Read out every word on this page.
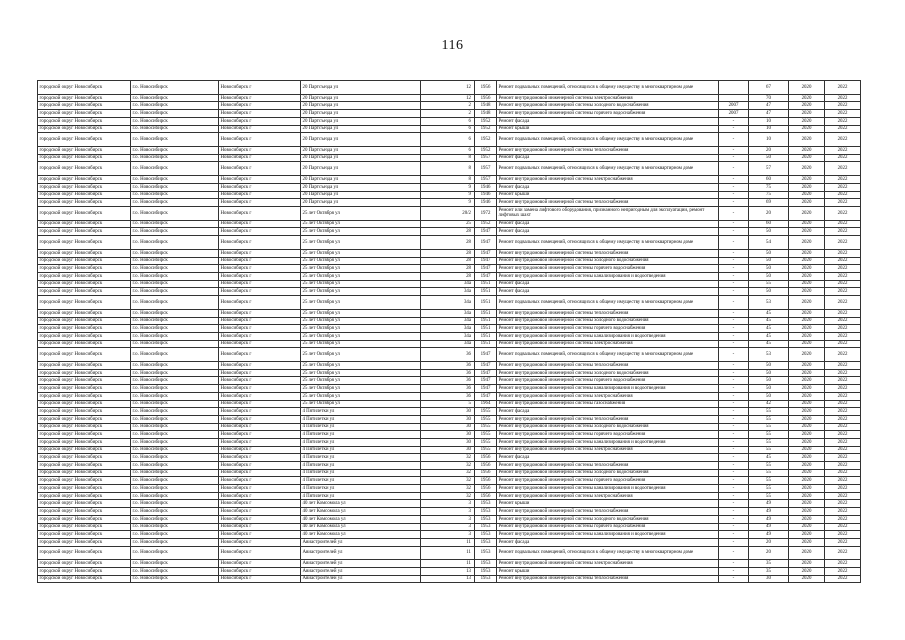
116
городской округ Новосибирск	г.о. Новосибирск	Новосибирск г	20 Партсъезда ул	12	1956	Ремонт подвальных помещений, относящихся к общему имуществу в многоквартирном доме		67	2020	2022
городской округ Новосибирск	г.о. Новосибирск	Новосибирск г	20 Партсъезда ул	12	1956	Ремонт внутридомовой инженерной системы электроснабжения		70	2020	2022
городской округ Новосибирск	г.о. Новосибирск	Новосибирск г	20 Партсъезда ул	2	1948	Ремонт внутридомовой инженерной системы холодного водоснабжения	2007	47	2020	2022
городской округ Новосибирск	г.о. Новосибирск	Новосибирск г	20 Партсъезда ул	2	1948	Ремонт внутридомовой инженерной системы горячего водоснабжения	2007	47	2020	2022
городской округ Новосибирск	г.о. Новосибирск	Новосибирск г	20 Партсъезда ул	6	1952	Ремонт фасада	-	10	2020	2022
городской округ Новосибирск	г.о. Новосибирск	Новосибирск г	20 Партсъезда ул	6	1952	Ремонт крыши	-	10	2020	2022
городской округ Новосибирск	г.о. Новосибирск	Новосибирск г	20 Партсъезда ул	6	1952	Ремонт подвальных помещений, относящихся к общему имуществу в многоквартирном доме	-	10	2020	2022
городской округ Новосибирск	г.о. Новосибирск	Новосибирск г	20 Партсъезда ул	6	1952	Ремонт внутридомовой инженерной системы теплоснабжения	-	20	2020	2022
городской округ Новосибирск	г.о. Новосибирск	Новосибирск г	20 Партсъезда ул	8	1957	Ремонт фасада	-	50	2020	2022
городской округ Новосибирск	г.о. Новосибирск	Новосибирск г	20 Партсъезда ул	8	1957	Ремонт подвальных помещений, относящихся к общему имуществу в многоквартирном доме	-	57	2020	2022
городской округ Новосибирск	г.о. Новосибирск	Новосибирск г	20 Партсъезда ул	8	1957	Ремонт внутридомовой инженерной системы электроснабжения	-	60	2020	2022
городской округ Новосибирск	г.о. Новосибирск	Новосибирск г	20 Партсъезда ул	9	1946	Ремонт фасада	-	75	2020	2022
городской округ Новосибирск	г.о. Новосибирск	Новосибирск г	20 Партсъезда ул	9	1946	Ремонт крыши	-	75	2020	2022
городской округ Новосибирск	г.о. Новосибирск	Новосибирск г	20 Партсъезда ул	9	1946	Ремонт внутридомовой инженерной системы теплоснабжения	-	69	2020	2022
городской округ Новосибирск	г.о. Новосибирск	Новосибирск г	25 лет Октября ул	20/2	1972	Ремонт или замена лифтового оборудования, признанного непригодным для эксплуатации, ремонт лифтовых шахт	-	20	2020	2022
городской округ Новосибирск	г.о. Новосибирск	Новосибирск г	25 лет Октября ул	25	1952	Ремонт фасада	-	60	2020	2022
городской округ Новосибирск	г.о. Новосибирск	Новосибирск г	25 лет Октября ул	28	1947	Ремонт фасада	-	50	2020	2022
городской округ Новосибирск	г.о. Новосибирск	Новосибирск г	25 лет Октября ул	28	1947	Ремонт подвальных помещений, относящихся к общему имуществу в многоквартирном доме	-	54	2020	2022
городской округ Новосибирск	г.о. Новосибирск	Новосибирск г	25 лет Октября ул	28	1947	Ремонт внутридомовой инженерной системы теплоснабжения	-	50	2020	2022
городской округ Новосибирск	г.о. Новосибирск	Новосибирск г	25 лет Октября ул	28	1947	Ремонт внутридомовой инженерной системы холодного водоснабжения	-	50	2020	2022
городской округ Новосибирск	г.о. Новосибирск	Новосибирск г	25 лет Октября ул	28	1947	Ремонт внутридомовой инженерной системы горячего водоснабжения	-	50	2020	2022
городской округ Новосибирск	г.о. Новосибирск	Новосибирск г	25 лет Октября ул	28	1947	Ремонт внутридомовой инженерной системы канализирования и водоотведения	-	50	2020	2022
городской округ Новосибирск	г.о. Новосибирск	Новосибирск г	25 лет Октября ул	34а	1951	Ремонт фасада	-	55	2020	2022
городской округ Новосибирск	г.о. Новосибирск	Новосибирск г	25 лет Октября ул	34а	1951	Ремонт фасада	-	50	2020	2022
городской округ Новосибирск	г.о. Новосибирск	Новосибирск г	25 лет Октября ул	34а	1951	Ремонт подвальных помещений, относящихся к общему имуществу в многоквартирном доме	-	53	2020	2022
городской округ Новосибирск	г.о. Новосибирск	Новосибирск г	25 лет Октября ул	34а	1951	Ремонт внутридомовой инженерной системы теплоснабжения	-	45	2020	2022
городской округ Новосибирск	г.о. Новосибирск	Новосибирск г	25 лет Октября ул	34а	1951	Ремонт внутридомовой инженерной системы холодного водоснабжения	-	45	2020	2022
городской округ Новосибирск	г.о. Новосибирск	Новосибирск г	25 лет Октября ул	34а	1951	Ремонт внутридомовой инженерной системы горячего водоснабжения	-	45	2020	2022
городской округ Новосибирск	г.о. Новосибирск	Новосибирск г	25 лет Октября ул	34а	1951	Ремонт внутридомовой инженерной системы канализирования и водоотведения	-	45	2020	2022
городской округ Новосибирск	г.о. Новосибирск	Новосибирск г	25 лет Октября ул	34а	1951	Ремонт внутридомовой инженерной системы электроснабжения	-	45	2020	2022
городской округ Новосибирск	г.о. Новосибирск	Новосибирск г	25 лет Октября ул	36	1947	Ремонт подвальных помещений, относящихся к общему имуществу в многоквартирном доме	-	53	2020	2022
городской округ Новосибирск	г.о. Новосибирск	Новосибирск г	25 лет Октября ул	36	1947	Ремонт внутридомовой инженерной системы теплоснабжения	-	50	2020	2022
городской округ Новосибирск	г.о. Новосибирск	Новосибирск г	25 лет Октября ул	36	1947	Ремонт внутридомовой инженерной системы холодного водоснабжения	-	50	2020	2022
городской округ Новосибирск	г.о. Новосибирск	Новосибирск г	25 лет Октября ул	36	1947	Ремонт внутридомовой инженерной системы горячего водоснабжения	-	50	2020	2022
городской округ Новосибирск	г.о. Новосибирск	Новосибирск г	25 лет Октября ул	36	1947	Ремонт внутридомовой инженерной системы канализирования и водоотведения	-	50	2020	2022
городской округ Новосибирск	г.о. Новосибирск	Новосибирск г	25 лет Октября ул	36	1947	Ремонт внутридомовой инженерной системы электроснабжения	-	50	2020	2022
городской округ Новосибирск	г.о. Новосибирск	Новосибирск г	25 лет Октября ул	5	1964	Ремонт внутридомовой инженерной системы газоснабжения	-	42	2020	2022
городской округ Новосибирск	г.о. Новосибирск	Новосибирск г	4 Пятилетки ул	30	1955	Ремонт фасада	-	55	2020	2022
городской округ Новосибирск	г.о. Новосибирск	Новосибирск г	4 Пятилетки ул	30	1955	Ремонт внутридомовой инженерной системы теплоснабжения	-	55	2020	2022
городской округ Новосибирск	г.о. Новосибирск	Новосибирск г	4 Пятилетки ул	30	1955	Ремонт внутридомовой инженерной системы холодного водоснабжения	-	55	2020	2022
городской округ Новосибирск	г.о. Новосибирск	Новосибирск г	4 Пятилетки ул	30	1955	Ремонт внутридомовой инженерной системы горячего водоснабжения	-	55	2020	2022
городской округ Новосибирск	г.о. Новосибирск	Новосибирск г	4 Пятилетки ул	30	1955	Ремонт внутридомовой инженерной системы канализирования и водоотведения	-	55	2020	2022
городской округ Новосибирск	г.о. Новосибирск	Новосибирск г	4 Пятилетки ул	30	1955	Ремонт внутридомовой инженерной системы электроснабжения	-	55	2020	2022
городской округ Новосибирск	г.о. Новосибирск	Новосибирск г	4 Пятилетки ул	32	1956	Ремонт фасада	-	45	2020	2022
городской округ Новосибирск	г.о. Новосибирск	Новосибирск г	4 Пятилетки ул	32	1956	Ремонт внутридомовой инженерной системы теплоснабжения	-	55	2020	2022
городской округ Новосибирск	г.о. Новосибирск	Новосибирск г	4 Пятилетки ул	32	1956	Ремонт внутридомовой инженерной системы холодного водоснабжения	-	55	2020	2022
городской округ Новосибирск	г.о. Новосибирск	Новосибирск г	4 Пятилетки ул	32	1956	Ремонт внутридомовой инженерной системы горячего водоснабжения	-	55	2020	2022
городской округ Новосибирск	г.о. Новосибирск	Новосибирск г	4 Пятилетки ул	32	1956	Ремонт внутридомовой инженерной системы канализирования и водоотведения	-	55	2020	2022
городской округ Новосибирск	г.о. Новосибирск	Новосибирск г	4 Пятилетки ул	32	1956	Ремонт внутридомовой инженерной системы электроснабжения	-	55	2020	2022
городской округ Новосибирск	г.о. Новосибирск	Новосибирск г	40 лет Комсомола ул	3	1953	Ремонт крыши	-	49	2020	2022
городской округ Новосибирск	г.о. Новосибирск	Новосибирск г	40 лет Комсомола ул	3	1953	Ремонт внутридомовой инженерной системы теплоснабжения	-	49	2020	2022
городской округ Новосибирск	г.о. Новосибирск	Новосибирск г	40 лет Комсомола ул	3	1953	Ремонт внутридомовой инженерной системы холодного водоснабжения	-	49	2020	2022
городской округ Новосибирск	г.о. Новосибирск	Новосибирск г	40 лет Комсомола ул	3	1953	Ремонт внутридомовой инженерной системы горячего водоснабжения	-	49	2020	2022
городской округ Новосибирск	г.о. Новосибирск	Новосибирск г	40 лет Комсомола ул	3	1953	Ремонт внутридомовой инженерной системы канализирования и водоотведения	-	49	2020	2022
городской округ Новосибирск	г.о. Новосибирск	Новосибирск г	Авиастроителей ул	11	1953	Ремонт фасада	-	20	2020	2022
городской округ Новосибирск	г.о. Новосибирск	Новосибирск г	Авиастроителей ул	11	1953	Ремонт подвальных помещений, относящихся к общему имуществу в многоквартирном доме	-	20	2020	2022
городской округ Новосибирск	г.о. Новосибирск	Новосибирск г	Авиастроителей ул	11	1953	Ремонт внутридомовой инженерной системы электроснабжения	-	35	2020	2022
городской округ Новосибирск	г.о. Новосибирск	Новосибирск г	Авиастроителей ул	13	1953	Ремонт крыши	-	35	2020	2022
городской округ Новосибирск	г.о. Новосибирск	Новосибирск г	Авиастроителей ул	13	1953	Ремонт внутридомовой инженерной системы теплоснабжения	-	30	2020	2022
